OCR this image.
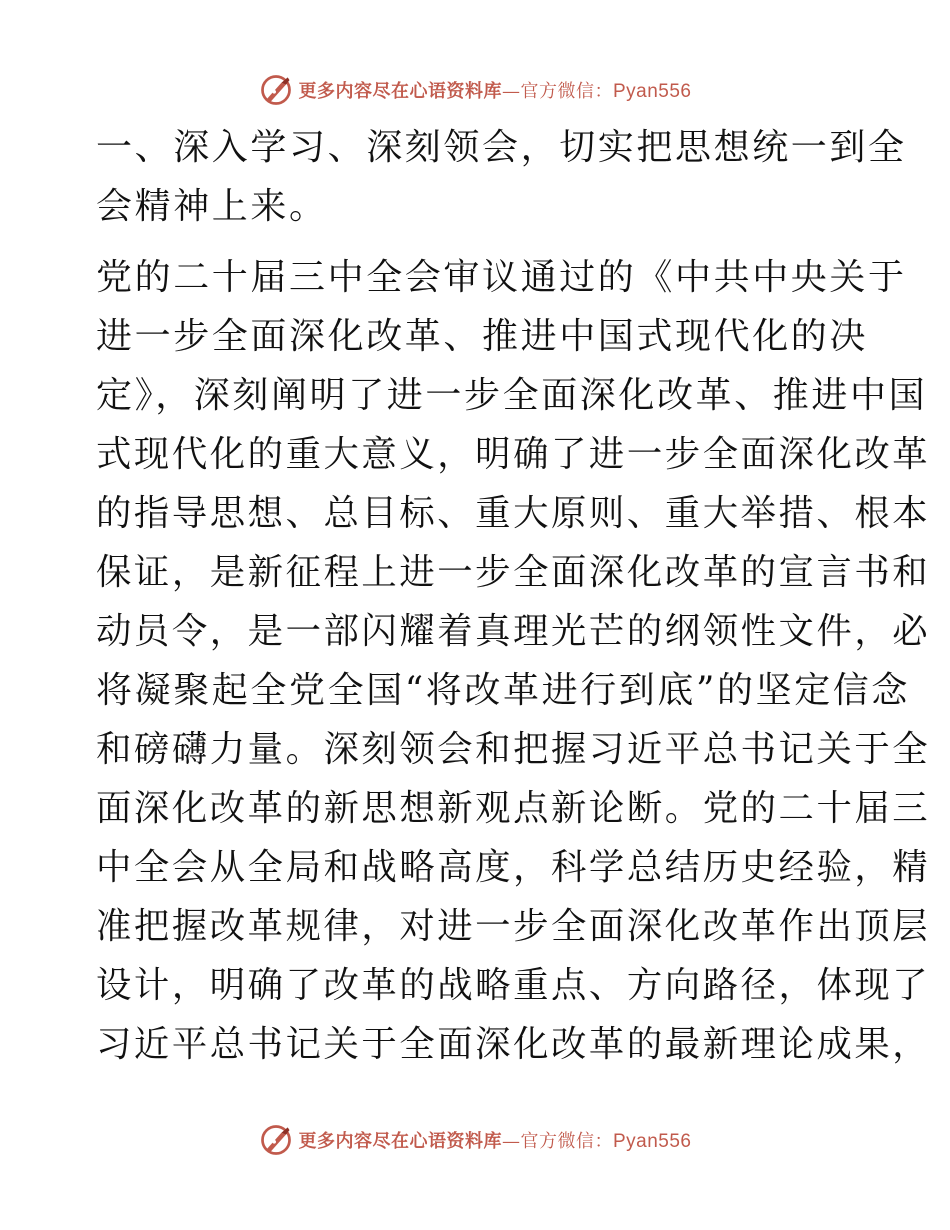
更多内容尽在心语资料库—官方微信：Pyan556
一、深入学习、深刻领会，切实把思想统一到全
会精神上来。
党的二十届三中全会审议通过的《中共中央关于
进一步全面深化改革、推进中国式现代化的决
定》，深刻阐明了进一步全面深化改革、推进中国
式现代化的重大意义，明确了进一步全面深化改革
的指导思想、总目标、重大原则、重大举措、根本
保证，是新征程上进一步全面深化改革的宣言书和
动员令，是一部闪耀着真理光芒的纲领性文件，必
将凝聚起全党全国“将改革进行到底”的坚定信念
和磅礴力量。深刻领会和把握习近平总书记关于全
面深化改革的新思想新观点新论断。党的二十届三
中全会从全局和战略高度，科学总结历史经验，精
准把握改革规律，对进一步全面深化改革作出顶层
设计，明确了改革的战略重点、方向路径，体现了
习近平总书记关于全面深化改革的最新理论成果，
更多内容尽在心语资料库—官方微信：Pyan556
